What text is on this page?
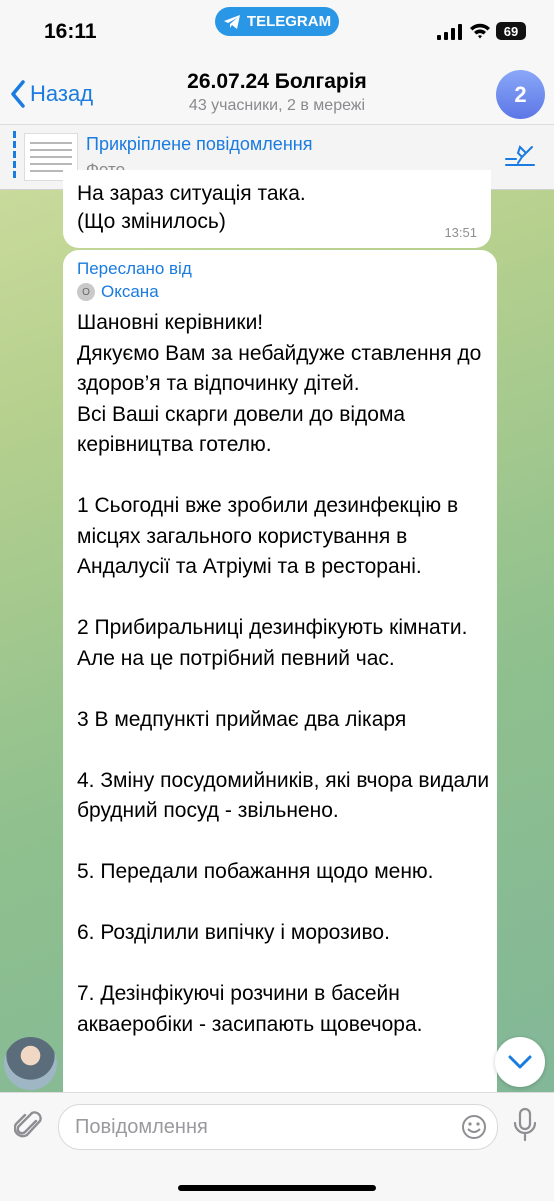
16:11	TELEGRAM
69
Назад	26.07.24 Болгарія
43 учасники, 2 в мережі	2
Прикріплене повідомлення
На зараз ситуація така.
(Що змінилось)	13:51
Переслано від
О Оксана
Шановні керівники!
Дякуємо Вам за небайдуже ставлення до здоров’я та відпочинку дітей.
Всі Ваші скарги довели до відома керівництва готелю.

1 Сьогодні вже зробили дезинфекцію в місцях загального користування в Андалусії та Атріумі та в ресторані.

2 Прибиральниці дезинфікують кімнати. Але на це потрібний певний час.

3 В медпункті приймає два лікаря

4. Зміну посудомийників, які вчора видали брудний посуд - звільнено.

5. Передали побажання щодо меню.

6. Розділили випічку і морозиво.

7. Дезінфікуючі розчини в басейн акваеробіки - засипають щовечора.
Повідомлення
